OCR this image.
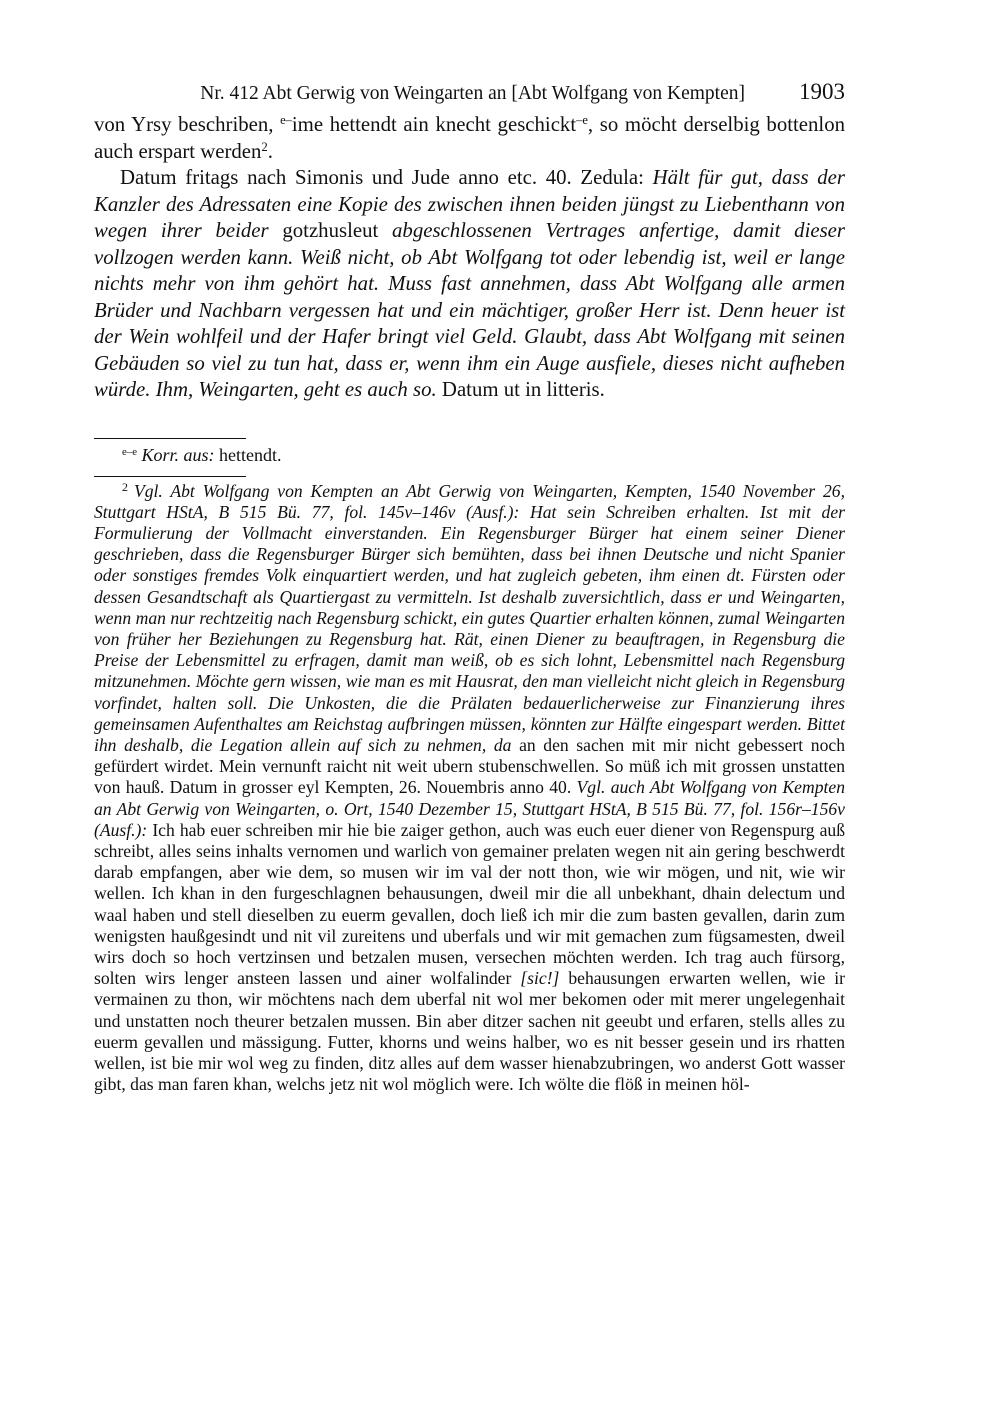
Nr. 412 Abt Gerwig von Weingarten an [Abt Wolfgang von Kempten] 1903

von Yrsy beschriben, $^{e-}$ime hettendt ain knecht geschickt$^{-e}$, so möcht derselbig bottenlon auch erspart werden$^2$.

Datum fritags nach Simonis und Jude anno etc. 40. Zedula: Hält für gut, dass der Kanzler des Adressaten eine Kopie des zwischen ihnen beiden jüngst zu Liebenthann von wegen ihrer beider gotzhusleut abgeschlossenen Vertrages anfertige, damit dieser vollzogen werden kann. Weiß nicht, ob Abt Wolfgang tot oder lebendig ist, weil er lange nichts mehr von ihm gehört hat. Muss fast annehmen, dass Abt Wolfgang alle armen Brüder und Nachbarn vergessen hat und ein mächtiger, großer Herr ist. Denn heuer ist der Wein wohlfeil und der Hafer bringt viel Geld. Glaubt, dass Abt Wolfgang mit seinen Gebäuden so viel zu tun hat, dass er, wenn ihm ein Auge ausfiele, dieses nicht aufheben würde. Ihm, Weingarten, geht es auch so. Datum ut in litteris.

$^{e-e}$ Korr. aus: hettendt.

$^2$ Vgl. Abt Wolfgang von Kempten an Abt Gerwig von Weingarten, Kempten, 1540 November 26, Stuttgart HStA, B 515 Bü. 77, fol. 145v–146v (Ausf.): Hat sein Schreiben erhalten. Ist mit der Formulierung der Vollmacht einverstanden. Ein Regensburger Bürger hat einem seiner Diener geschrieben, dass die Regensburger Bürger sich bemühten, dass bei ihnen Deutsche und nicht Spanier oder sonstiges fremdes Volk einquartiert werden, und hat zugleich gebeten, ihm einen dt. Fürsten oder dessen Gesandtschaft als Quartiergast zu vermitteln. Ist deshalb zuversichtlich, dass er und Weingarten, wenn man nur rechtzeitig nach Regensburg schickt, ein gutes Quartier erhalten können, zumal Weingarten von früher her Beziehungen zu Regensburg hat. Rät, einen Diener zu beauftragen, in Regensburg die Preise der Lebensmittel zu erfragen, damit man weiß, ob es sich lohnt, Lebensmittel nach Regensburg mitzunehmen. Möchte gern wissen, wie man es mit Hausrat, den man vielleicht nicht gleich in Regensburg vorfindet, halten soll. Die Unkosten, die die Prälaten bedauerlicherweise zur Finanzierung ihres gemeinsamen Aufenthaltes am Reichstag aufbringen müssen, könnten zur Hälfte eingespart werden. Bittet ihn deshalb, die Legation allein auf sich zu nehmen, da an den sachen mit mir nicht gebessert noch gefürdert wirdet. Mein vernunft raicht nit weit ubern stubenschwellen. So müß ich mit grossen unstatten von hauß. Datum in grosser eyl Kempten, 26. Nouembris anno 40. Vgl. auch Abt Wolfgang von Kempten an Abt Gerwig von Weingarten, o. Ort, 1540 Dezember 15, Stuttgart HStA, B 515 Bü. 77, fol. 156r–156v (Ausf.): Ich hab euer schreiben mir hie bie zaiger gethon, auch was euch euer diener von Regenspurg auß schreibt, alles seins inhalts vernomen und warlich von gemainer prelaten wegen nit ain gering beschwerdt darab empfangen, aber wie dem, so musen wir im val der nott thon, wie wir mögen, und nit, wie wir wellen. Ich khan in den furgeschlagnen behausungen, dweil mir die all unbekhant, dhain delectum und waal haben und stell dieselben zu euerm gevallen, doch ließ ich mir die zum basten gevallen, darin zum wenigsten haußgesindt und nit vil zureitens und uberfals und wir mit gemachen zum fügsamesten, dweil wirs doch so hoch vertzinsen und betzalen musen, versechen möchten werden. Ich trag auch fürsorg, solten wirs lenger ansteen lassen und ainer wolfalinder [sic!] behausungen erwarten wellen, wie ir vermainen zu thon, wir möchtens nach dem uberfal nit wol mer bekomen oder mit merer ungelegenhait und unstatten noch theurer betzalen mussen. Bin aber ditzer sachen nit geeubt und erfaren, stells alles zu euerm gevallen und mässigung. Futter, khorns und weins halber, wo es nit besser gesein und irs rhatten wellen, ist bie mir wol weg zu finden, ditz alles auf dem wasser hienabzubringen, wo anderst Gott wasser gibt, das man faren khan, welchs jetz nit wol möglich were. Ich wölte die flöß in meinen höl-
